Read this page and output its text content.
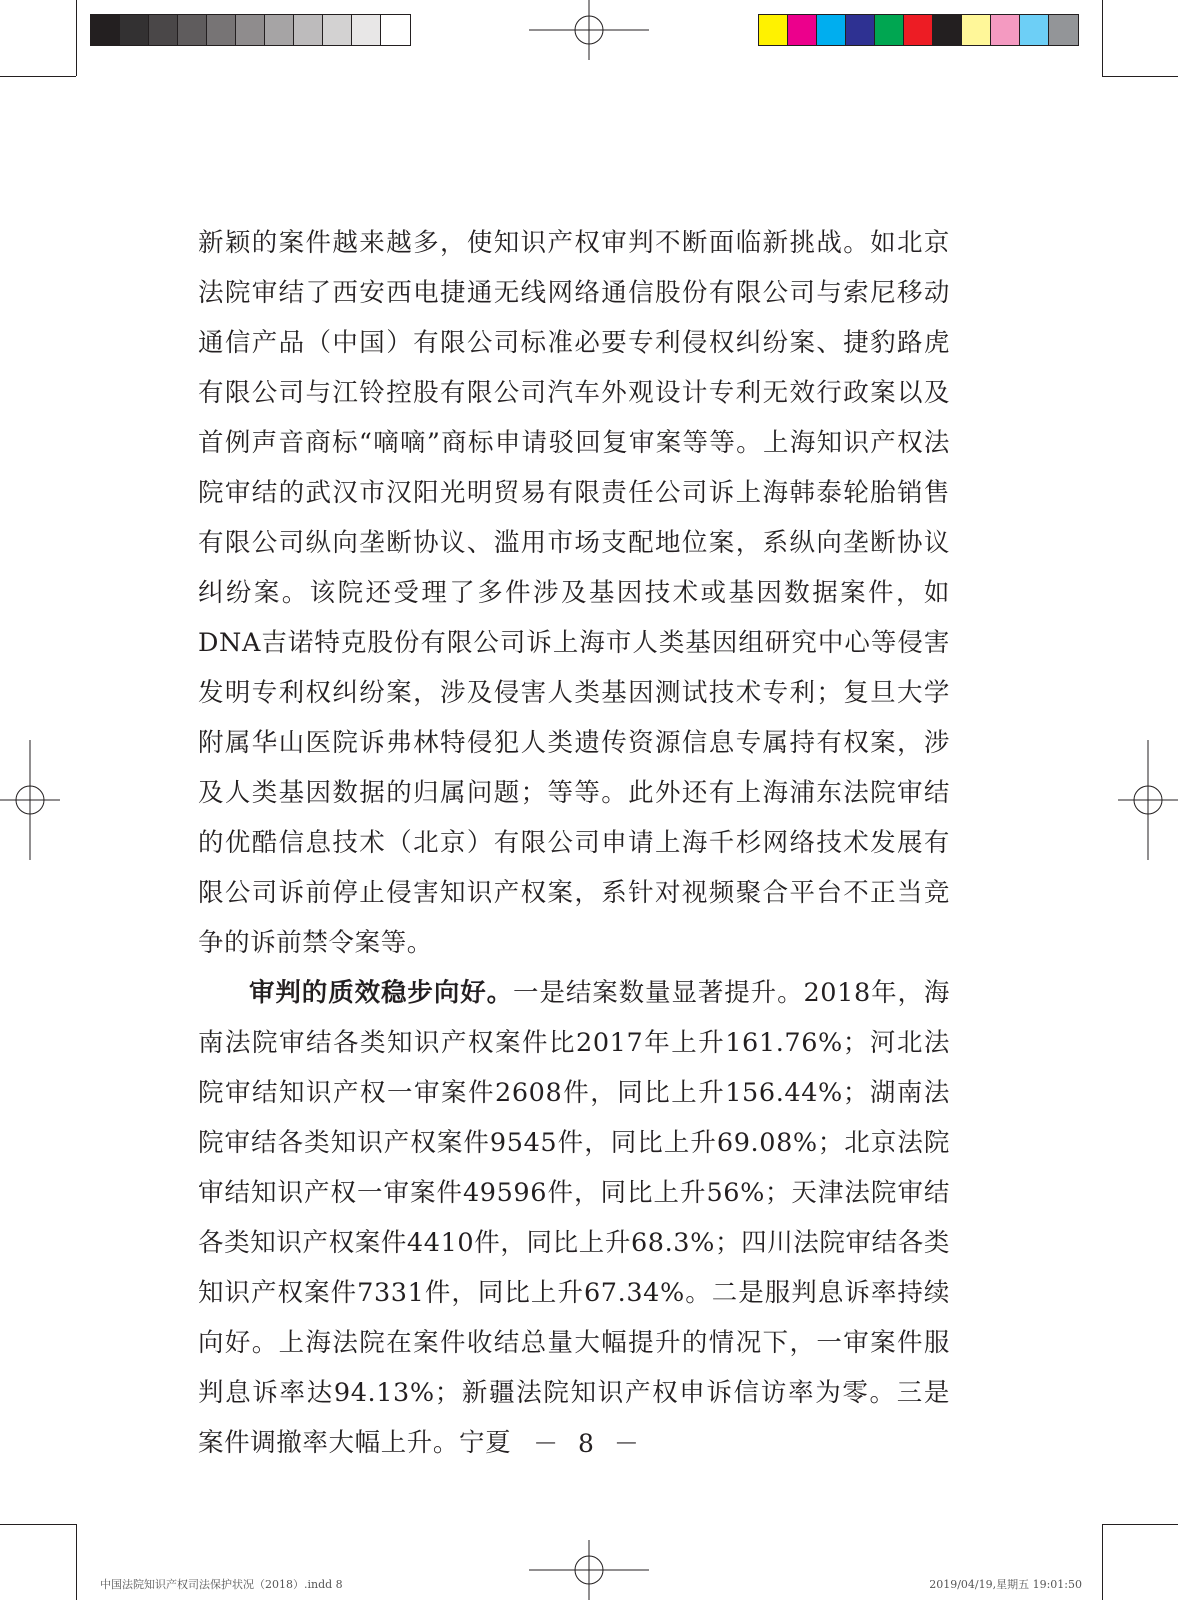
新颖的案件越来越多，使知识产权审判不断面临新挑战。如北京法院审结了西安西电捷通无线网络通信股份有限公司与索尼移动通信产品（中国）有限公司标准必要专利侵权纠纷案、捷豹路虎有限公司与江铃控股有限公司汽车外观设计专利无效行政案以及首例声音商标“嘀嘀”商标申请驳回复审案等等。上海知识产权法院审结的武汉市汉阳光明贸易有限责任公司诉上海韩泰轮胎销售有限公司纵向垄断协议、滥用市场支配地位案，系纵向垄断协议纠纷案。该院还受理了多件涉及基因技术或基因数据案件，如DNA吉诺特克股份有限公司诉上海市人类基因组研究中心等侵害发明专利权纠纷案，涉及侵害人类基因测试技术专利；复旦大学附属华山医院诉弗林特侵犯人类遗传资源信息专属持有权案，涉及人类基因数据的归属问题；等等。此外还有上海浦东法院审结的优酷信息技术（北京）有限公司申请上海千杉网络技术发展有限公司诉前停止侵害知识产权案，系针对视频聚合平台不正当竞争的诉前禁令案等。

审判的质效稳步向好。一是结案数量显著提升。2018年，海南法院审结各类知识产权案件比2017年上升161.76%；河北法院审结知识产权一审案件2608件，同比上升156.44%；湖南法院审结各类知识产权案件9545件，同比上升69.08%；北京法院审结知识产权一审案件49596件，同比上升56%；天津法院审结各类知识产权案件4410件，同比上升68.3%；四川法院审结各类知识产权案件7331件，同比上升67.34%。二是服判息诉率持续向好。上海法院在案件收结总量大幅提升的情况下，一审案件服判息诉率达94.13%；新疆法院知识产权申诉信访率为零。三是案件调撤率大幅上升。宁夏 － 8 －
中国法院知识产权司法保护状况（2018）.indd 8	2019/04/19,星期五 19:01:50
